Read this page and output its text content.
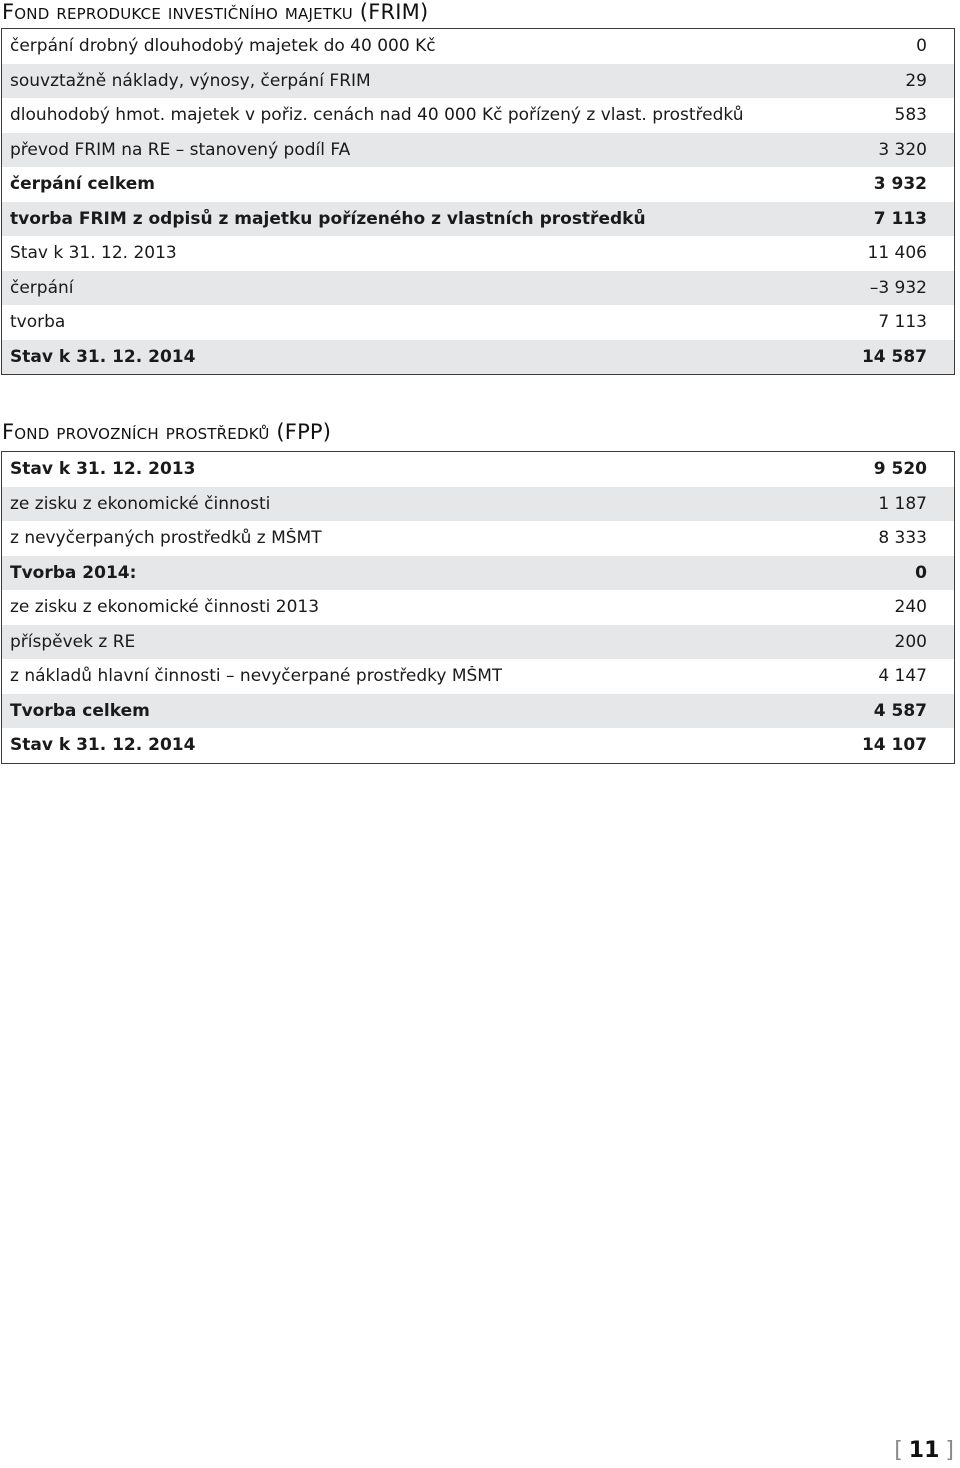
Fond reprodukce investičního majetku (FRIM)
čerpání drobný dlouhodobý majetek do 40 000 Kč	0
souvztažně náklady, výnosy, čerpání FRIM	29
dlouhodobý hmot. majetek v pořiz. cenách nad 40 000 Kč pořízený z vlast. prostředků	583
převod FRIM na RE – stanovený podíl FA	3 320
čerpání celkem	3 932
tvorba FRIM z odpisů z majetku pořízeného z vlastních prostředků	7 113
Stav k 31. 12. 2013	11 406
čerpání	–3 932
tvorba	7 113
Stav k 31. 12. 2014	14 587
Fond provozních prostředků (FPP)
Stav k 31. 12. 2013	9 520
ze zisku z ekonomické činnosti	1 187
z nevyčerpaných prostředků z MŠMT	8 333
Tvorba 2014:	0
ze zisku z ekonomické činnosti 2013	240
příspěvek z RE	200
z nákladů hlavní činnosti – nevyčerpané prostředky MŠMT	4 147
Tvorba celkem	4 587
Stav k 31. 12. 2014	14 107
[ 11 ]
